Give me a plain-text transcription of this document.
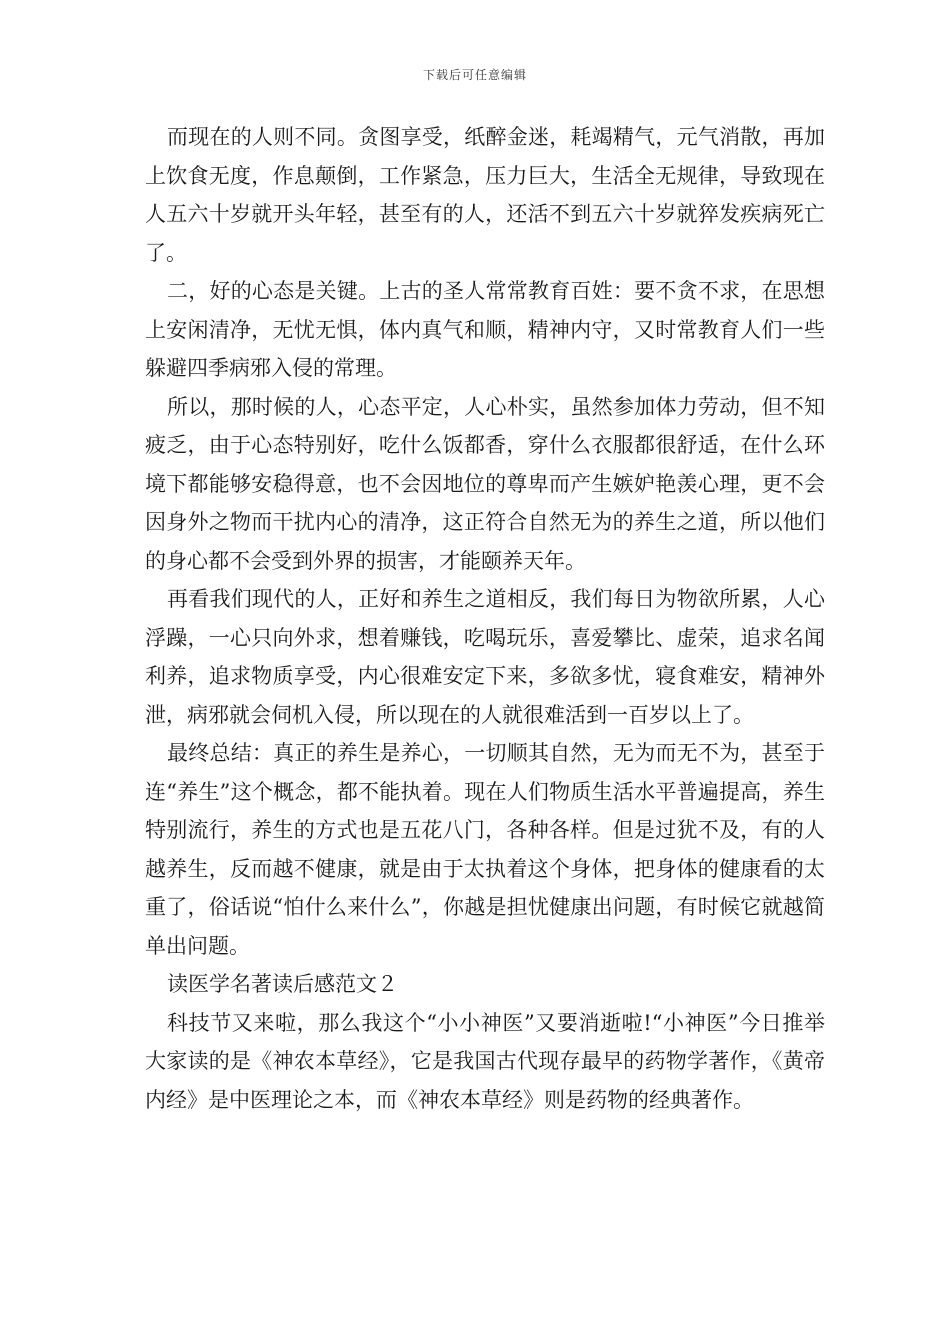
下载后可任意编辑

而现在的人则不同。贪图享受，纸醉金迷，耗竭精气，元气消散，再加上饮食无度，作息颠倒，工作紧急，压力巨大，生活全无规律，导致现在人五六十岁就开头年轻，甚至有的人，还活不到五六十岁就猝发疾病死亡了。

二，好的心态是关键。上古的圣人常常教育百姓：要不贪不求，在思想上安闲清净，无忧无惧，体内真气和顺，精神内守，又时常教育人们一些躲避四季病邪入侵的常理。

所以，那时候的人，心态平定，人心朴实，虽然参加体力劳动，但不知疲乏，由于心态特别好，吃什么饭都香，穿什么衣服都很舒适，在什么环境下都能够安稳得意，也不会因地位的尊卑而产生嫉妒艳羡心理，更不会因身外之物而干扰内心的清净，这正符合自然无为的养生之道，所以他们的身心都不会受到外界的损害，才能颐养天年。

再看我们现代的人，正好和养生之道相反，我们每日为物欲所累，人心浮躁，一心只向外求，想着赚钱，吃喝玩乐，喜爱攀比、虚荣，追求名闻利养，追求物质享受，内心很难安定下来，多欲多忧，寝食难安，精神外泄，病邪就会伺机入侵，所以现在的人就很难活到一百岁以上了。

最终总结：真正的养生是养心，一切顺其自然，无为而无不为，甚至于连“养生”这个概念，都不能执着。现在人们物质生活水平普遍提高，养生特别流行，养生的方式也是五花八门，各种各样。但是过犹不及，有的人越养生，反而越不健康，就是由于太执着这个身体，把身体的健康看的太重了，俗话说“怕什么来什么”，你越是担忧健康出问题，有时候它就越简单出问题。

读医学名著读后感范文２

科技节又来啦，那么我这个“小小神医”又要消逝啦!“小神医”今日推举大家读的是《神农本草经》，它是我国古代现存最早的药物学著作，《黄帝内经》是中医理论之本，而《神农本草经》则是药物的经典著作。
